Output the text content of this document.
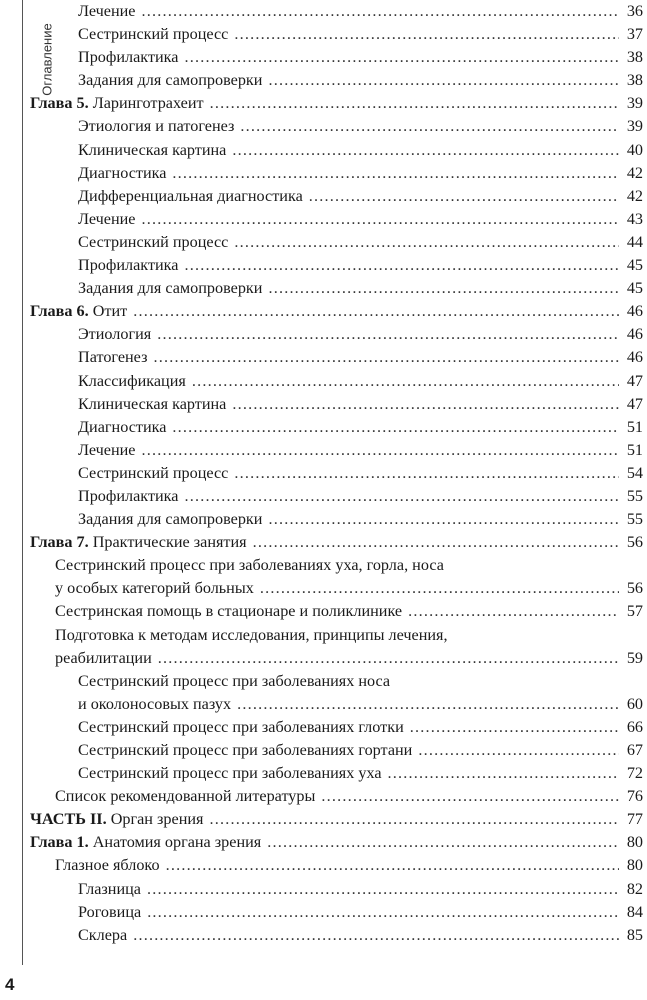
Оглавление
Лечение .....	36
Сестринский процесс .....	37
Профилактика .....	38
Задания для самопроверки .....	38
Глава 5. Ларинготрахеит .....	39
Этиология и патогенез .....	39
Клиническая картина .....	40
Диагностика .....	42
Дифференциальная диагностика .....	42
Лечение .....	43
Сестринский процесс .....	44
Профилактика .....	45
Задания для самопроверки .....	45
Глава 6. Отит .....	46
Этиология .....	46
Патогенез .....	46
Классификация .....	47
Клиническая картина .....	47
Диагностика .....	51
Лечение .....	51
Сестринский процесс .....	54
Профилактика .....	55
Задания для самопроверки .....	55
Глава 7. Практические занятия .....	56
Сестринский процесс при заболеваниях уха, горла, носа
у особых категорий больных .....	56
Сестринская помощь в стационаре и поликлинике .....	57
Подготовка к методам исследования, принципы лечения,
реабилитации .....	59
Сестринский процесс при заболеваниях носа
и околоносовых пазух .....	60
Сестринский процесс при заболеваниях глотки .....	66
Сестринский процесс при заболеваниях гортани .....	67
Сестринский процесс при заболеваниях уха .....	72
Список рекомендованной литературы .....	76
ЧАСТЬ II. Орган зрения .....	77
Глава 1. Анатомия органа зрения .....	80
Глазное яблоко .....	80
Глазница .....	82
Роговица .....	84
Склера .....	85
4
